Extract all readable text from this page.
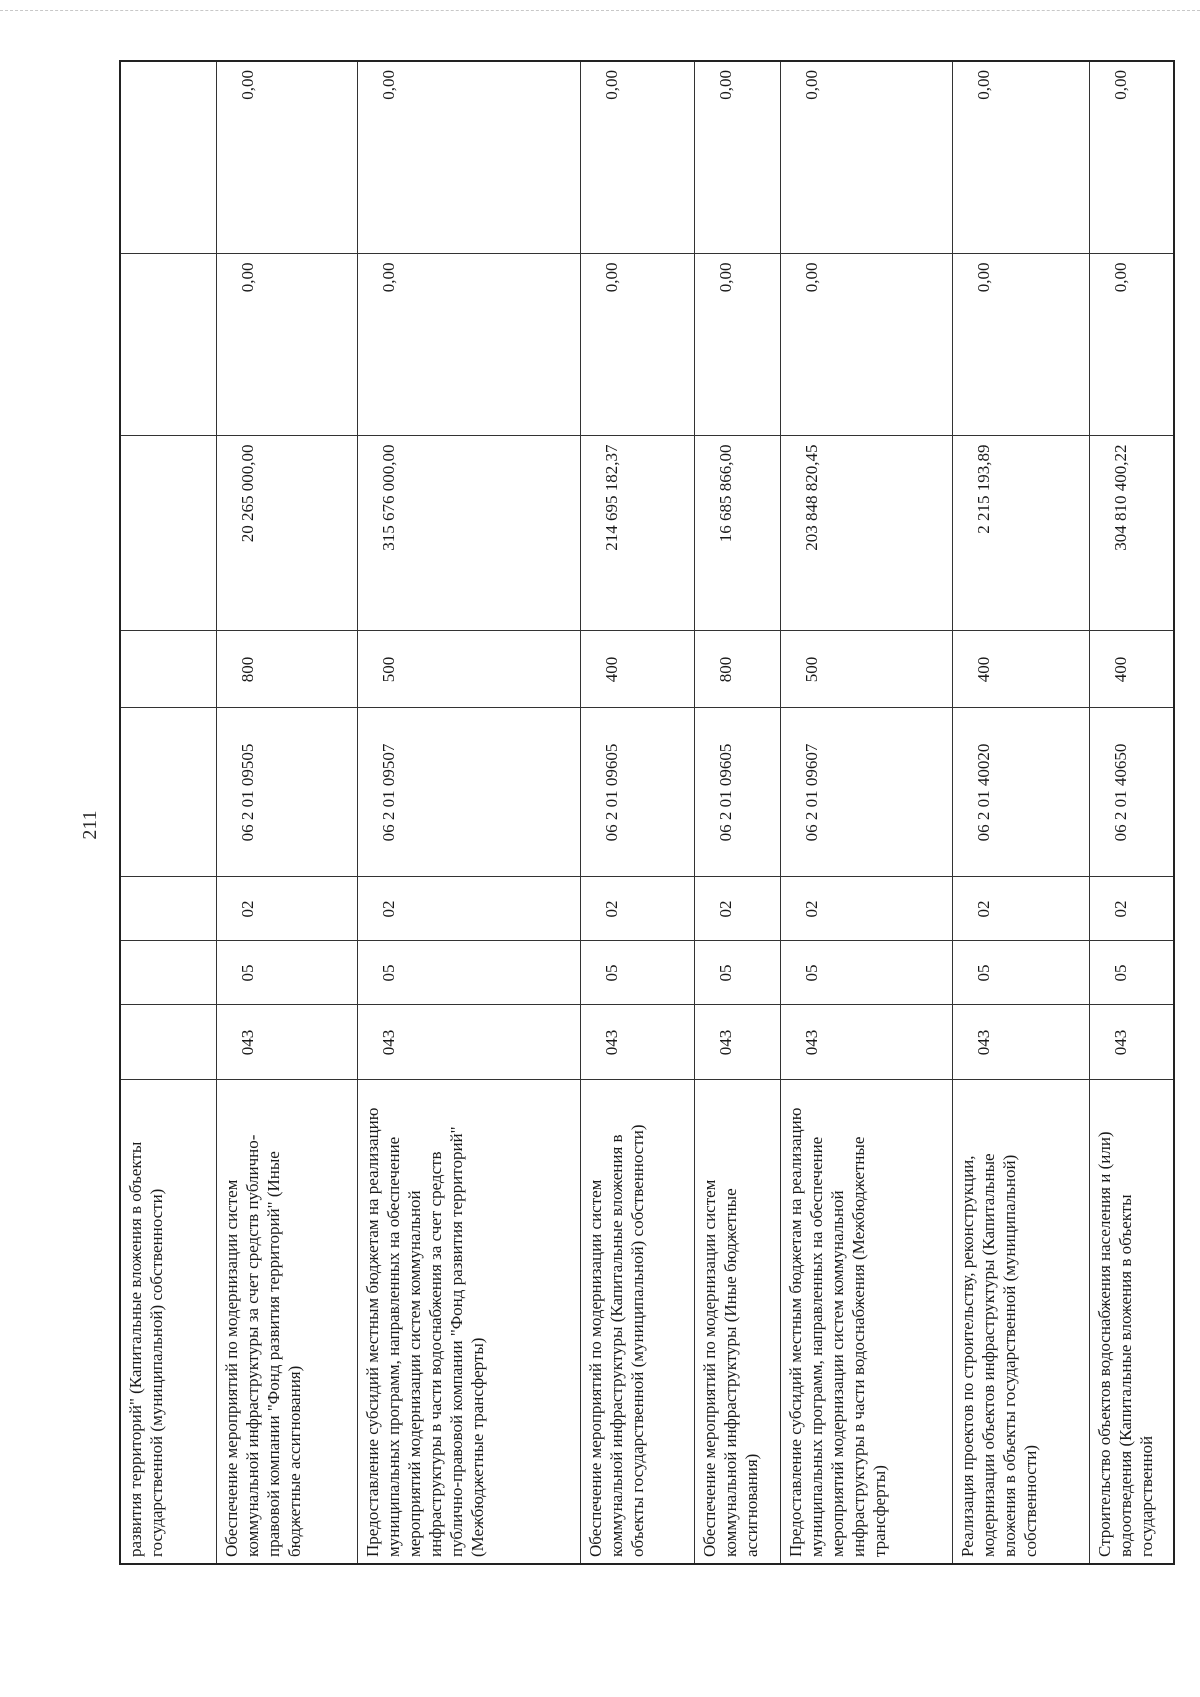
211
развития территорий" (Капитальные вложения в объекты государственной (муниципальной) собственности)								
Обеспечение мероприятий по модернизации систем коммунальной инфраструктуры за счет средств публично-правовой компании "Фонд развития территорий" (Иные бюджетные ассигнования)	043	05	02	06 2 01 09505	800	20 265 000,00	0,00	0,00
Предоставление субсидий местным бюджетам на реализацию муниципальных программ, направленных на обеспечение мероприятий модернизации систем коммунальной инфраструктуры в части водоснабжения за счет средств публично-правовой компании "Фонд развития территорий" (Межбюджетные трансферты)	043	05	02	06 2 01 09507	500	315 676 000,00	0,00	0,00
Обеспечение мероприятий по модернизации систем коммунальной инфраструктуры (Капитальные вложения в объекты государственной (муниципальной) собственности)	043	05	02	06 2 01 09605	400	214 695 182,37	0,00	0,00
Обеспечение мероприятий по модернизации систем коммунальной инфраструктуры (Иные бюджетные ассигнования)	043	05	02	06 2 01 09605	800	16 685 866,00	0,00	0,00
Предоставление субсидий местным бюджетам на реализацию муниципальных программ, направленных на обеспечение мероприятий модернизации систем коммунальной инфраструктуры в части водоснабжения (Межбюджетные трансферты)	043	05	02	06 2 01 09607	500	203 848 820,45	0,00	0,00
Реализация проектов по строительству, реконструкции, модернизации объектов инфраструктуры (Капитальные вложения в объекты государственной (муниципальной) собственности)	043	05	02	06 2 01 40020	400	2 215 193,89	0,00	0,00
Строительство объектов водоснабжения населения и (или) водоотведения (Капитальные вложения в объекты государственной	043	05	02	06 2 01 40650	400	304 810 400,22	0,00	0,00
